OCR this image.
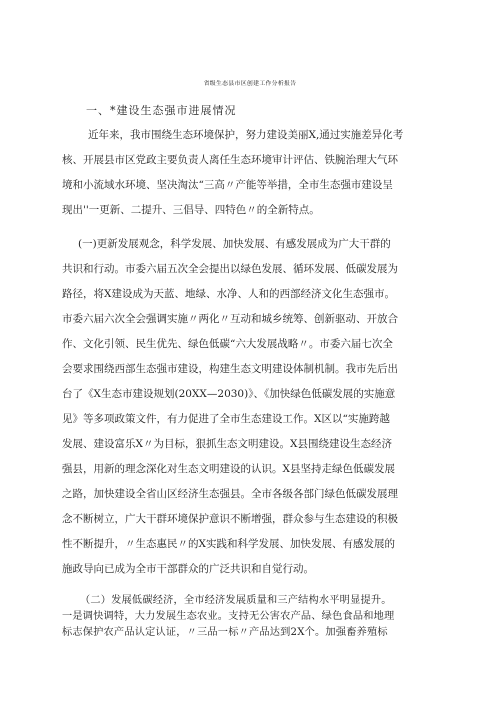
省级生态县市区创建工作分析报告
一、*建设生态强市进展情况
近年来，我市围绕生态环境保护，努力建设美丽X,通过实施差异化考
核、开展县市区党政主要负责人离任生态环境审计评估、铁腕治理大气环
境和小流域水环境、坚决淘汰“三高〃产能等举措，全市生态强市建设呈
现出''一更新、二提升、三倡导、四特色〃的全新特点。
(一)更新发展观念，科学发展、加快发展、有感发展成为广大干群的
共识和行动。市委六届五次全会提出以绿色发展、循环发展、低碳发展为
路径，将X建设成为天蓝、地绿、水净、人和的西部经济文化生态强市。
市委六届六次全会强调实施〃两化〃互动和城乡统筹、创新驱动、开放合
作、文化引领、民生优先、绿色低碳“六大发展战略〃。市委六届七次全
会要求围绕西部生态强市建设，构建生态文明建设体制机制。我市先后出
台了《X生态市建设规划(20XX—2030)》、《加快绿色低碳发展的实施意
见》等多项政策文件，有力促进了全市生态建设工作。X区以“实施跨越
发展、建设富乐X〃为目标，狠抓生态文明建设。X县围绕建设生态经济
强县，用新的理念深化对生态文明建设的认识。X县坚持走绿色低碳发展
之路，加快建设全省山区经济生态强县。全市各级各部门绿色低碳发展理
念不断树立，广大干群环境保护意识不断增强，群众参与生态建设的积极
性不断提升，〃生态惠民〃的X实践和科学发展、加快发展、有感发展的
施政导向已成为全市干部群众的广泛共识和自觉行动。
（二）发展低碳经济，全市经济发展质量和三产结构水平明显提升。
一是调快调特，大力发展生态农业。支持无公害农产品、绿色食品和地理
标志保护农产品认定认证，〃三品一标〃产品达到2X个。加强畜养殖标
